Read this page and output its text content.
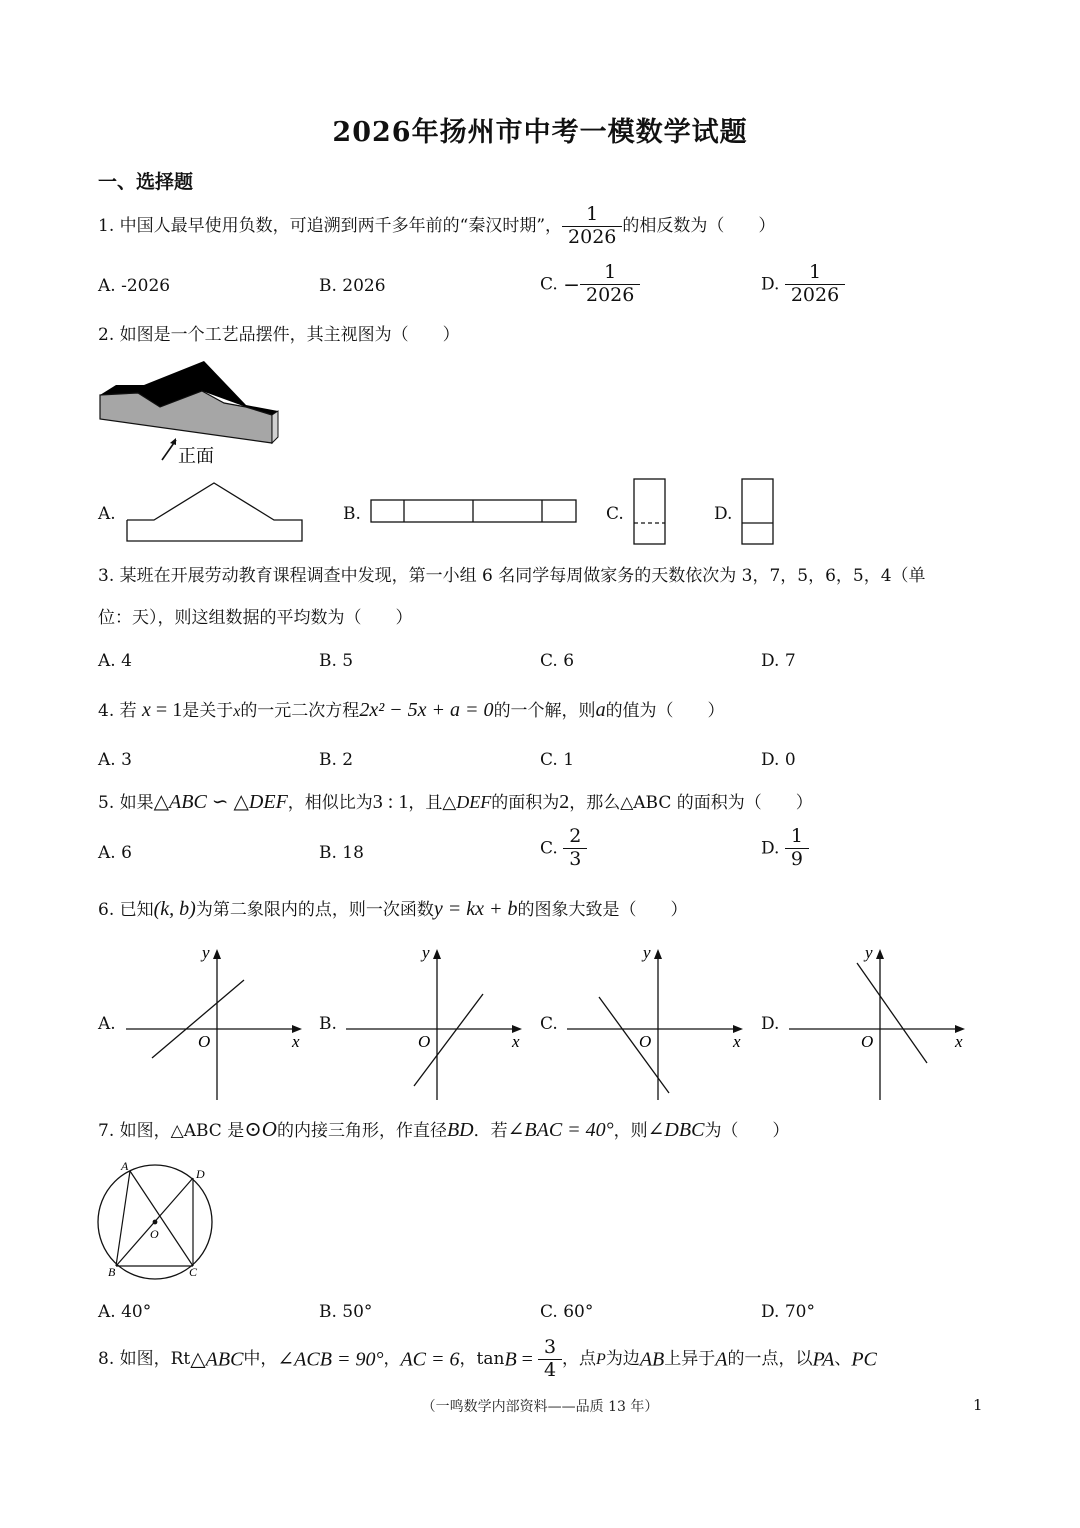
2026年扬州市中考一模数学试题
一、选择题
1. 中国人最早使用负数，可追溯到两千多年前的“秦汉时期”， $\frac{1}{2026}$ 的相反数为（　　）
A. -2026	B. 2026	C. − $\frac{1}{2026}$	D. $\frac{1}{2026}$
2. 如图是一个工艺品摆件，其主视图为（　　）
正面
A.	B.	C.	D.
3. 某班在开展劳动教育课程调查中发现，第一小组 6 名同学每周做家务的天数依次为 3，7，5，6，5，4（单
位：天），则这组数据的平均数为（　　）
A. 4	B. 5	C. 6	D. 7
4. 若 x = 1是关于x的一元二次方程2x² − 5x + a = 0的一个解，则a的值为（　　）
A. 3	B. 2	C. 1	D. 0
5. 如果△ABC ∽ △DEF，相似比为3 : 1，且△DEF的面积为2，那么△ABC 的面积为（　　）
A. 6	B. 18	C. $\frac{2}{3}$	D. $\frac{1}{9}$
6. 已知(k, b)为第二象限内的点，则一次函数y = kx + b的图象大致是（　　）
A.
y
x
O
B.
y
x
O
C.
y
x
O
D.
y
x
O
7. 如图，△ABC 是⊙O的内接三角形，作直径BD．若∠BAC = 40°，则∠DBC为（　　）
A
D
O
B	C
A. 40°	B. 50°	C. 60°	D. 70°
8. 如图，Rt△ABC中，∠ACB = 90°，AC = 6，$\tan B = \frac{3}{4}$ ，点P为边AB上异于A的一点，以PA、PC
（一鸣数学内部资料——品质 13 年）	1
